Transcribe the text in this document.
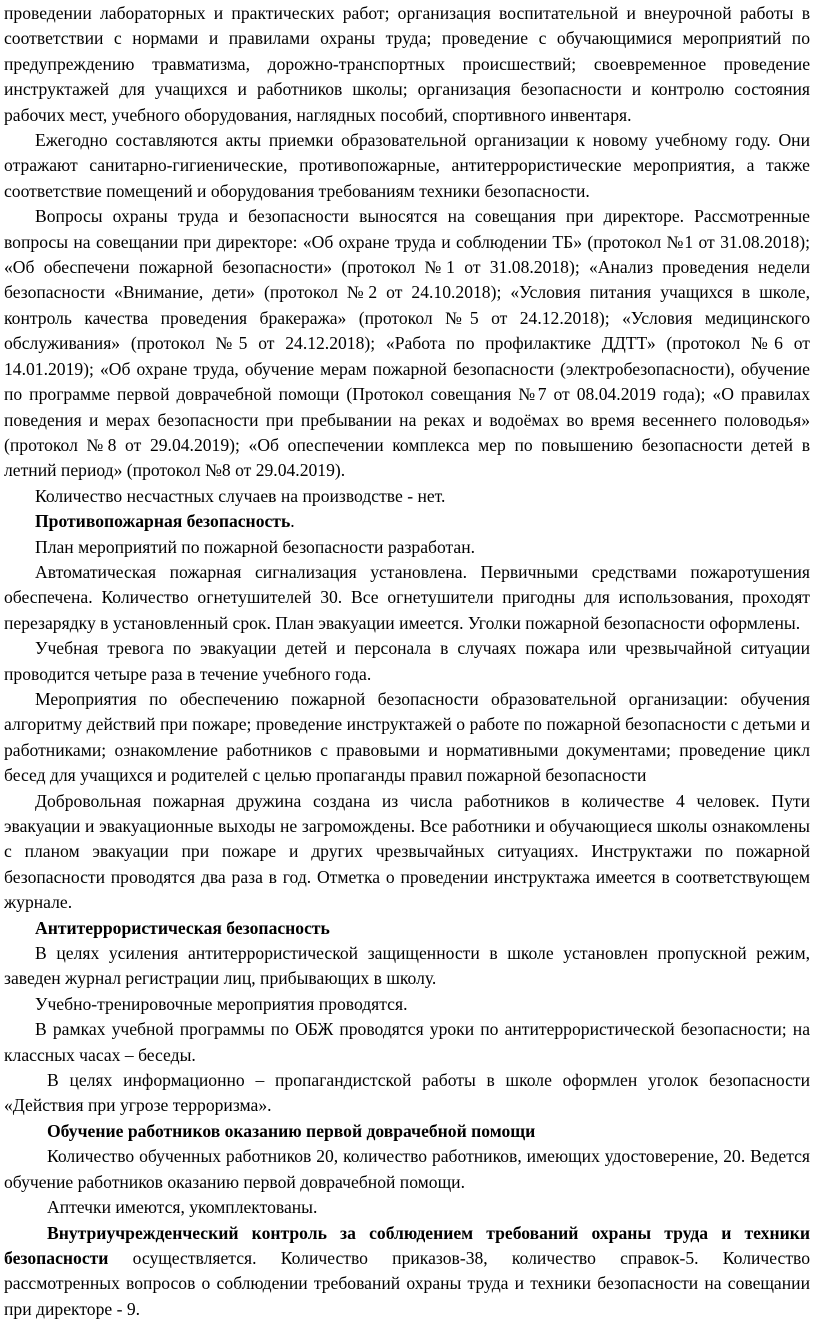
проведении лабораторных и практических работ; организация воспитательной и внеурочной работы в соответствии с нормами и правилами охраны труда; проведение с обучающимися мероприятий по предупреждению травматизма, дорожно-транспортных происшествий; своевременное проведение инструктажей для учащихся и работников школы; организация безопасности и контролю состояния рабочих мест, учебного оборудования, наглядных пособий, спортивного инвентаря.

Ежегодно составляются акты приемки образовательной организации к новому учебному году. Они отражают санитарно-гигиенические, противопожарные, антитеррористические мероприятия, а также соответствие помещений и оборудования требованиям техники безопасности.

Вопросы охраны труда и безопасности выносятся на совещания при директоре. Рассмотренные вопросы на совещании при директоре: «Об охране труда и соблюдении ТБ» (протокол №1 от 31.08.2018); «Об обеспечени пожарной безопасности» (протокол №1 от 31.08.2018); «Анализ проведения недели безопасности «Внимание, дети» (протокол №2 от 24.10.2018); «Условия питания учащихся в школе, контроль качества проведения бракеража» (протокол №5 от 24.12.2018); «Условия медицинского обслуживания» (протокол №5 от 24.12.2018); «Работа по профилактике ДДТТ» (протокол №6 от 14.01.2019); «Об охране труда, обучение мерам пожарной безопасности (электробезопасности), обучение по программе первой доврачебной помощи (Протокол совещания №7 от 08.04.2019 года); «О правилах поведения и мерах безопасности при пребывании на реках и водоёмах во время весеннего половодья» (протокол №8 от 29.04.2019); «Об опеспечении комплекса мер по повышению безопасности детей в летний период» (протокол №8 от 29.04.2019).

Количество несчастных случаев на производстве - нет.

Противопожарная безопасность.

План мероприятий по пожарной безопасности разработан.

Автоматическая пожарная сигнализация установлена. Первичными средствами пожаротушения обеспечена. Количество огнетушителей 30. Все огнетушители пригодны для использования, проходят перезарядку в установленный срок. План эвакуации имеется. Уголки пожарной безопасности оформлены.

Учебная тревога по эвакуации детей и персонала в случаях пожара или чрезвычайной ситуации проводится четыре раза в течение учебного года.

Мероприятия по обеспечению пожарной безопасности образовательной организации: обучения алгоритму действий при пожаре; проведение инструктажей о работе по пожарной безопасности с детьми и работниками; ознакомление работников с правовыми и нормативными документами; проведение цикл бесед для учащихся и родителей с целью пропаганды правил пожарной безопасности

Добровольная пожарная дружина создана из числа работников в количестве 4 человек. Пути эвакуации и эвакуационные выходы не загромождены. Все работники и обучающиеся школы ознакомлены с планом эвакуации при пожаре и других чрезвычайных ситуациях. Инструктажи по пожарной безопасности проводятся два раза в год. Отметка о проведении инструктажа имеется в соответствующем журнале.

Антитеррористическая безопасность

В целях усиления антитеррористической защищенности в школе установлен пропускной режим, заведен журнал регистрации лиц, прибывающих в школу.

Учебно-тренировочные мероприятия проводятся.

В рамках учебной программы по ОБЖ проводятся уроки по антитеррористической безопасности; на классных часах – беседы.

В целях информационно – пропагандистской работы в школе оформлен уголок безопасности «Действия при угрозе терроризма».

Обучение работников оказанию первой доврачебной помощи

Количество обученных работников 20, количество работников, имеющих удостоверение, 20. Ведется обучение работников оказанию первой доврачебной помощи.

Аптечки имеются, укомплектованы.

Внутриучрежденческий контроль за соблюдением требований охраны труда и техники безопасности осуществляется. Количество приказов-38, количество справок-5. Количество рассмотренных вопросов о соблюдении требований охраны труда и техники безопасности на совещании при директоре - 9.
